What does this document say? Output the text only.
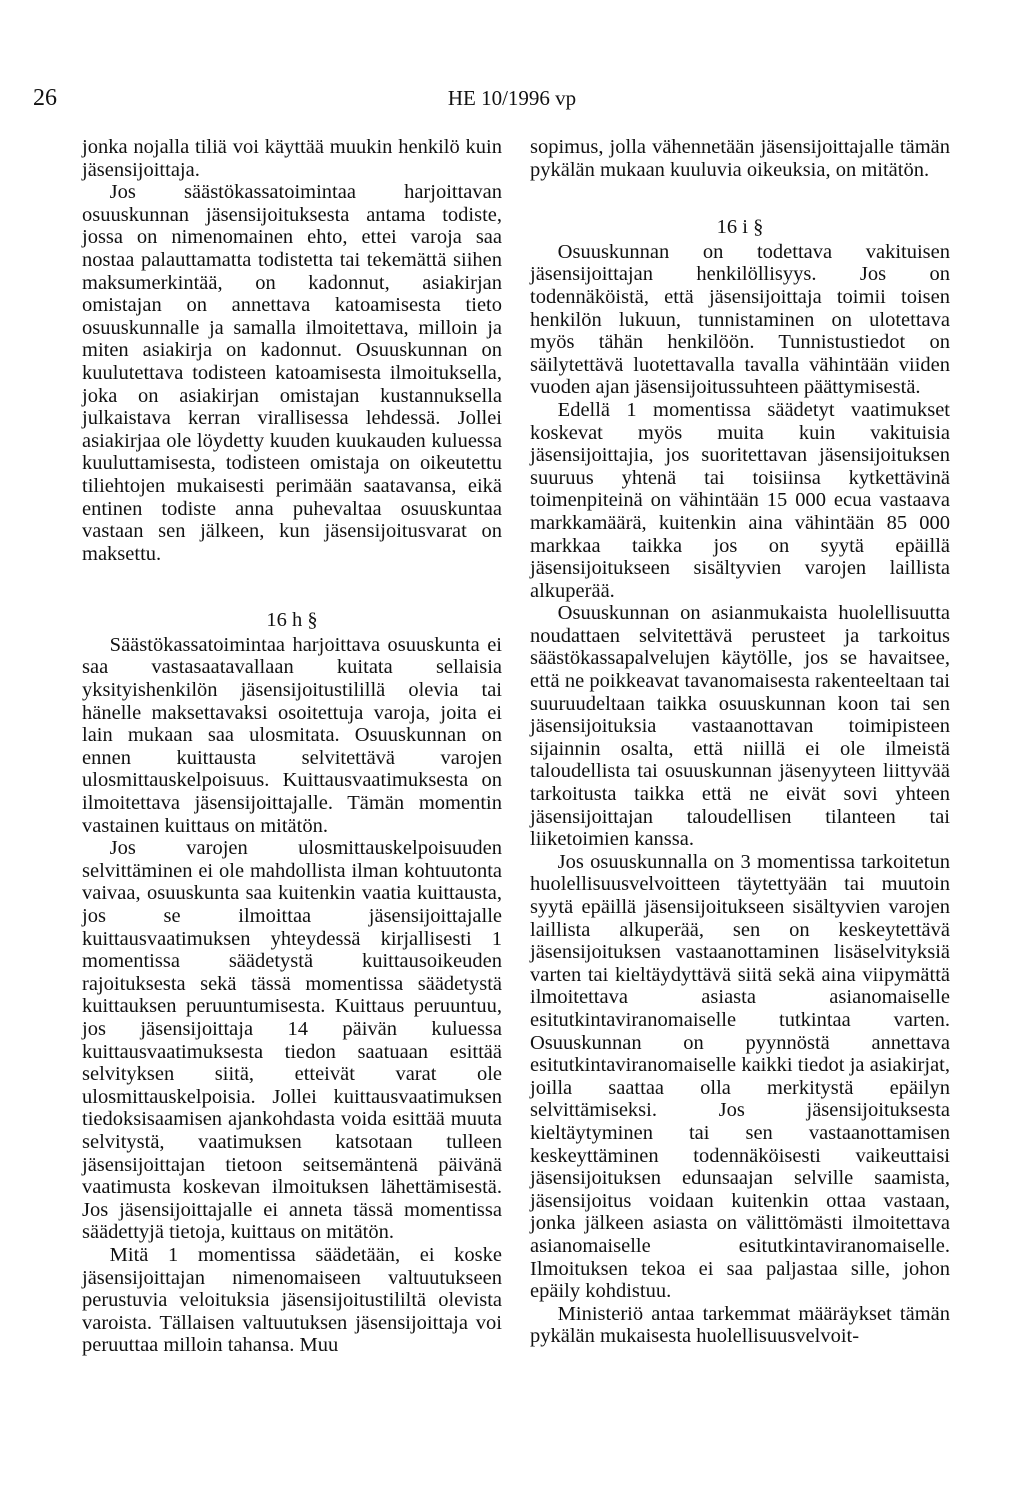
26	HE 10/1996 vp

jonka nojalla tiliä voi käyttää muukin henkilö kuin jäsensijoittaja.

Jos säästökassatoimintaa harjoittavan osuuskunnan jäsensijoituksesta antama todiste, jossa on nimenomainen ehto, ettei varoja saa nostaa palauttamatta todistetta tai tekemättä siihen maksumerkintää, on kadonnut, asiakirjan omistajan on annettava katoamisesta tieto osuuskunnalle ja samalla ilmoitettava, milloin ja miten asiakirja on kadonnut. Osuuskunnan on kuulutettava todisteen katoamisesta ilmoituksella, joka on asiakirjan omistajan kustannuksella julkaistava kerran virallisessa lehdessä. Jollei asiakirjaa ole löydetty kuuden kuukauden kuluessa kuuluttamisesta, todisteen omistaja on oikeutettu tiliehtojen mukaisesti perimään saatavansa, eikä entinen todiste anna puhevaltaa osuuskuntaa vastaan sen jälkeen, kun jäsensijoitusvarat on maksettu.

16 h §

Säästökassatoimintaa harjoittava osuuskunta ei saa vastasaatavallaan kuitata sellaisia yksityishenkilön jäsensijoitustilillä olevia tai hänelle maksettavaksi osoitettuja varoja, joita ei lain mukaan saa ulosmitata. Osuuskunnan on ennen kuittausta selvitettävä varojen ulosmittauskelpoisuus. Kuittausvaatimuksesta on ilmoitettava jäsensijoittajalle. Tämän momentin vastainen kuittaus on mitätön.

Jos varojen ulosmittauskelpoisuuden selvittäminen ei ole mahdollista ilman kohtuutonta vaivaa, osuuskunta saa kuitenkin vaatia kuittausta, jos se ilmoittaa jäsensijoittajalle kuittausvaatimuksen yhteydessä kirjallisesti 1 momentissa säädetystä kuittausoikeuden rajoituksesta sekä tässä momentissa säädetystä kuittauksen peruuntumisesta. Kuittaus peruuntuu, jos jäsensijoittaja 14 päivän kuluessa kuittausvaatimuksesta tiedon saatuaan esittää selvityksen siitä, etteivät varat ole ulosmittauskelpoisia. Jollei kuittausvaatimuksen tiedoksisaamisen ajankohdasta voida esittää muuta selvitystä, vaatimuksen katsotaan tulleen jäsensijoittajan tietoon seitsemäntenä päivänä vaatimusta koskevan ilmoituksen lähettämisestä. Jos jäsensijoittajalle ei anneta tässä momentissa säädettyjä tietoja, kuittaus on mitätön.

Mitä 1 momentissa säädetään, ei koske jäsensijoittajan nimenomaiseen valtuutukseen perustuvia veloituksia jäsensijoitustililtä olevista varoista. Tällaisen valtuutuksen jäsensijoittaja voi peruuttaa milloin tahansa. Muu

sopimus, jolla vähennetään jäsensijoittajalle tämän pykälän mukaan kuuluvia oikeuksia, on mitätön.

16 i §

Osuuskunnan on todettava vakituisen jäsensijoittajan henkilöllisyys. Jos on todennäköistä, että jäsensijoittaja toimii toisen henkilön lukuun, tunnistaminen on ulotettava myös tähän henkilöön. Tunnistustiedot on säilytettävä luotettavalla tavalla vähintään viiden vuoden ajan jäsensijoitussuhteen päättymisestä.

Edellä 1 momentissa säädetyt vaatimukset koskevat myös muita kuin vakituisia jäsensijoittajia, jos suoritettavan jäsensijoituksen suuruus yhtenä tai toisiinsa kytkettävinä toimenpiteinä on vähintään 15 000 ecua vastaava markkamäärä, kuitenkin aina vähintään 85 000 markkaa taikka jos on syytä epäillä jäsensijoitukseen sisältyvien varojen laillista alkuperää.

Osuuskunnan on asianmukaista huolellisuutta noudattaen selvitettävä perusteet ja tarkoitus säästökassapalvelujen käytölle, jos se havaitsee, että ne poikkeavat tavanomaisesta rakenteeltaan tai suuruudeltaan taikka osuuskunnan koon tai sen jäsensijoituksia vastaanottavan toimipisteen sijainnin osalta, että niillä ei ole ilmeistä taloudellista tai osuuskunnan jäsenyyteen liittyvää tarkoitusta taikka että ne eivät sovi yhteen jäsensijoittajan taloudellisen tilanteen tai liiketoimien kanssa.

Jos osuuskunnalla on 3 momentissa tarkoitetun huolellisuusvelvoitteen täytettyään tai muutoin syytä epäillä jäsensijoitukseen sisältyvien varojen laillista alkuperää, sen on keskeytettävä jäsensijoituksen vastaanottaminen lisäselvityksiä varten tai kieltäydyttävä siitä sekä aina viipymättä ilmoitettava asiasta asianomaiselle esitutkintaviranomaiselle tutkintaa varten. Osuuskunnan on pyynnöstä annettava esitutkintaviranomaiselle kaikki tiedot ja asiakirjat, joilla saattaa olla merkitystä epäilyn selvittämiseksi. Jos jäsensijoituksesta kieltäytyminen tai sen vastaanottamisen keskeyttäminen todennäköisesti vaikeuttaisi jäsensijoituksen edunsaajan selville saamista, jäsensijoitus voidaan kuitenkin ottaa vastaan, jonka jälkeen asiasta on välittömästi ilmoitettava asianomaiselle esitutkintaviranomaiselle. Ilmoituksen tekoa ei saa paljastaa sille, johon epäily kohdistuu.

Ministeriö antaa tarkemmat määräykset tämän pykälän mukaisesta huolellisuusvelvoit-
